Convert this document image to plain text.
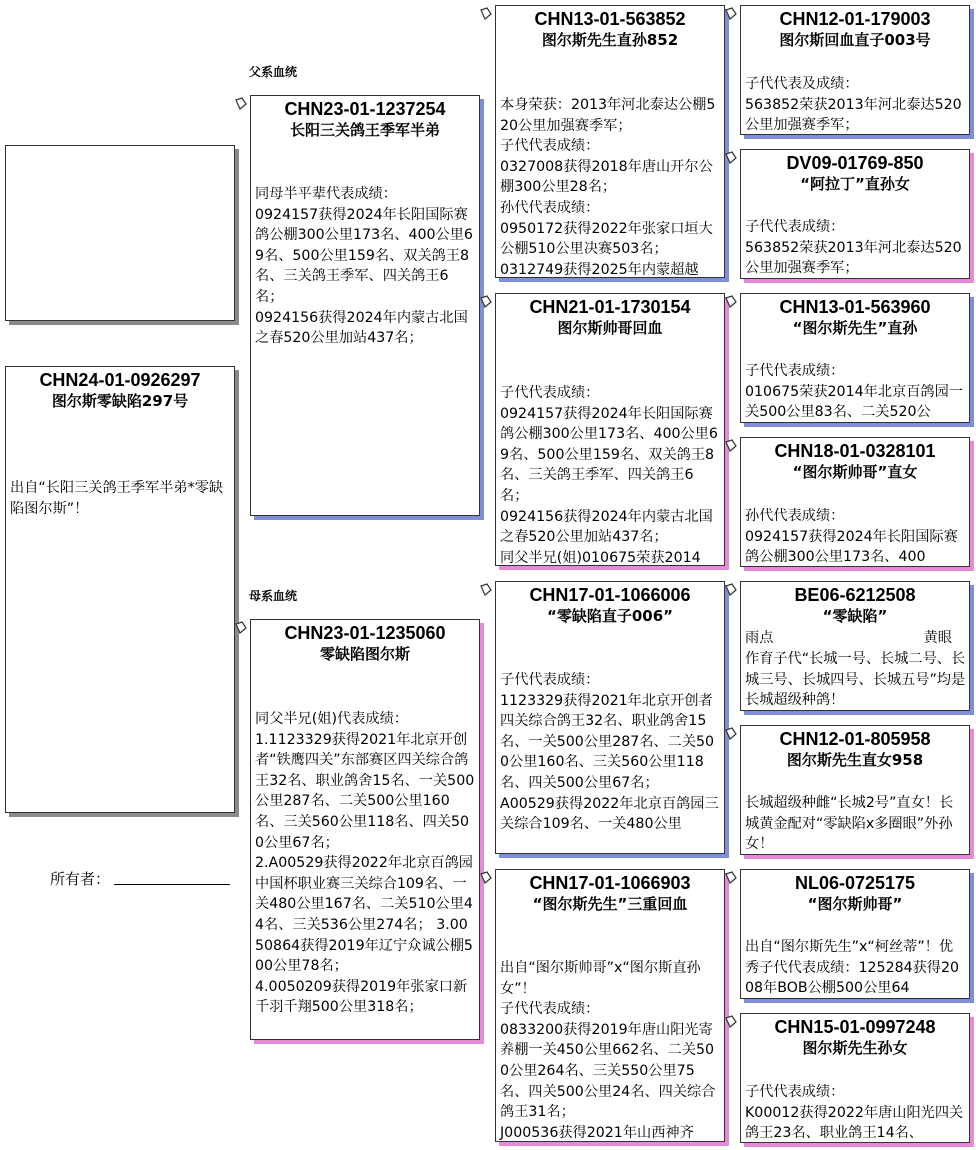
父系血统
母系血统
CHN24-01-0926297
图尔斯零缺陷297号
出自“长阳三关鸽王季军半弟*零缺陷图尔斯”！
所有者：
CHN23-01-1237254
长阳三关鸽王季军半弟
同母半平辈代表成绩：
0924157获得2024年长阳国际赛鸽公棚300公里173名、400公里69名、500公里159名、双关鸽王8名、三关鸽王季军、四关鸽王6名；
0924156获得2024年内蒙古北国之春520公里加站437名；
CHN23-01-1235060
零缺陷图尔斯
同父半兄(姐)代表成绩：
1.1123329获得2021年北京开创者“铁鹰四关”东部赛区四关综合鸽王32名、职业鸽舍15名、一关500公里287名、二关500公里160名、三关560公里118名、四关500公里67名；
2.A00529获得2022年北京百鸽园中国杯职业赛三关综合109名、一关480公里167名、二关510公里44名、三关536公里274名； 3.0050864获得2019年辽宁众诚公棚500公里78名；
4.0050209获得2019年张家口新千羽千翔500公里318名；
CHN13-01-563852
图尔斯先生直孙852
本身荣获：2013年河北泰达公棚520公里加强赛季军；
子代代表成绩：
0327008获得2018年唐山开尔公棚300公里28名；
孙代代表成绩：
0950172获得2022年张家口垣大公棚510公里决赛503名；
0312749获得2025年内蒙超越
CHN21-01-1730154
图尔斯帅哥回血
子代代表成绩：
0924157获得2024年长阳国际赛鸽公棚300公里173名、400公里69名、500公里159名、双关鸽王8名、三关鸽王季军、四关鸽王6名；
0924156获得2024年内蒙古北国之春520公里加站437名；
同父半兄(姐)010675荣获2014
CHN17-01-1066006
“零缺陷直子006”
子代代表成绩：
1123329获得2021年北京开创者四关综合鸽王32名、职业鸽舍15名、一关500公里287名、二关500公里160名、三关560公里118名、四关500公里67名；
A00529获得2022年北京百鸽园三关综合109名、一关480公里
CHN17-01-1066903
“图尔斯先生”三重回血
出自“图尔斯帅哥”x“图尔斯直孙女”！
子代代表成绩：
0833200获得2019年唐山阳光寄养棚一关450公里662名、二关500公里264名、三关550公里75名、四关500公里24名、四关综合鸽王31名；
J000536获得2021年山西神齐
CHN12-01-179003
图尔斯回血直子003号
子代代表及成绩：
563852荣获2013年河北泰达520公里加强赛季军；
DV09-01769-850
“阿拉丁”直孙女
子代代表成绩：
563852荣获2013年河北泰达520公里加强赛季军；
CHN13-01-563960
“图尔斯先生”直孙
子代代表成绩：
010675荣获2014年北京百鸽园一关500公里83名、二关520公
CHN18-01-0328101
“图尔斯帅哥”直女
孙代代表成绩：
0924157获得2024年长阳国际赛鸽公棚300公里173名、400
BE06-6212508
“零缺陷”
雨点	黄眼
作育子代“长城一号、长城二号、长城三号、长城四号、长城五号”均是长城超级种鸽！
CHN12-01-805958
图尔斯先生直女958
长城超级种雌“长城2号”直女！长城黄金配对“零缺陷x多圈眼”外孙女！
NL06-0725175
“图尔斯帅哥”
出自“图尔斯先生”x“柯丝蒂”！优秀子代代表成绩：125284获得2008年BOB公棚500公里64
CHN15-01-0997248
图尔斯先生孙女
子代代表成绩：
K00012获得2022年唐山阳光四关鸽王23名、职业鸽王14名、
